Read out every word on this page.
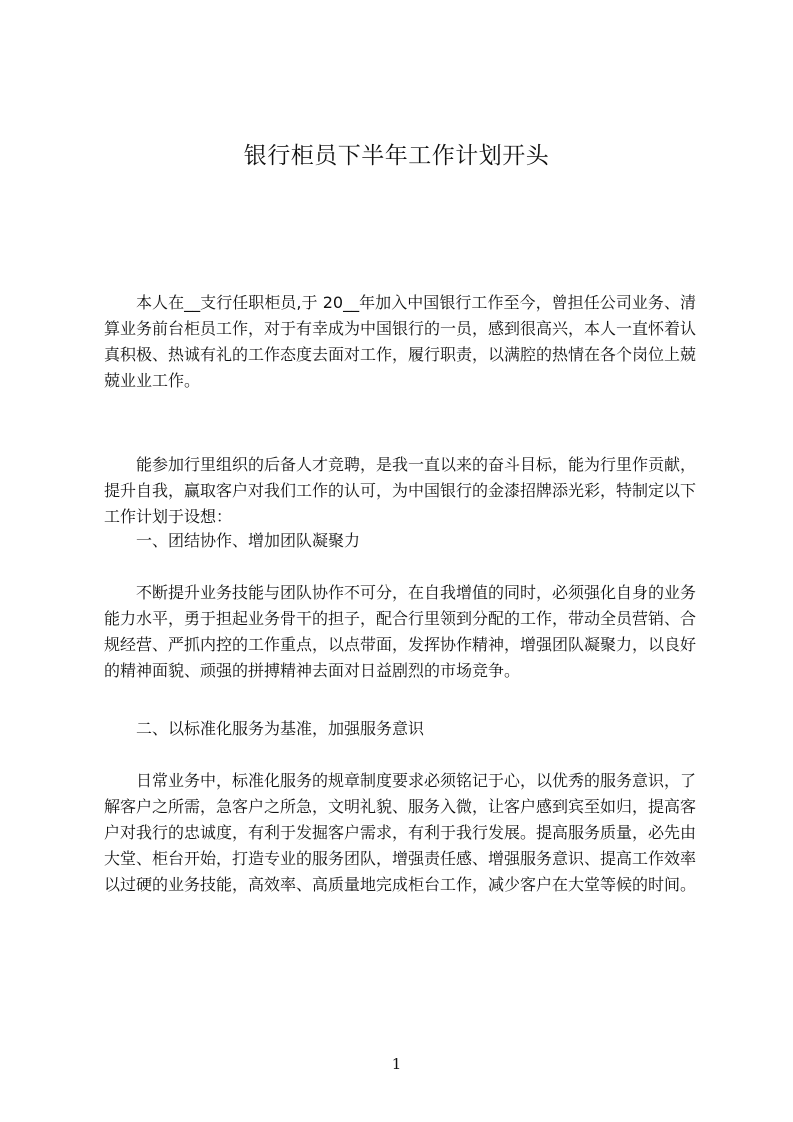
银行柜员下半年工作计划开头

本人在__支行任职柜员,于 20__年加入中国银行工作至今，曾担任公司业务、清算业务前台柜员工作，对于有幸成为中国银行的一员，感到很高兴，本人一直怀着认真积极、热诚有礼的工作态度去面对工作，履行职责，以满腔的热情在各个岗位上兢兢业业工作。

能参加行里组织的后备人才竞聘，是我一直以来的奋斗目标，能为行里作贡献，提升自我，赢取客户对我们工作的认可，为中国银行的金漆招牌添光彩，特制定以下工作计划于设想：

一、团结协作、增加团队凝聚力

不断提升业务技能与团队协作不可分，在自我增值的同时，必须强化自身的业务能力水平，勇于担起业务骨干的担子，配合行里领到分配的工作，带动全员营销、合规经营、严抓内控的工作重点，以点带面，发挥协作精神，增强团队凝聚力，以良好的精神面貌、顽强的拼搏精神去面对日益剧烈的市场竞争。

二、以标准化服务为基准，加强服务意识

日常业务中，标准化服务的规章制度要求必须铭记于心，以优秀的服务意识，了解客户之所需，急客户之所急，文明礼貌、服务入微，让客户感到宾至如归，提高客户对我行的忠诚度，有利于发掘客户需求，有利于我行发展。提高服务质量，必先由大堂、柜台开始，打造专业的服务团队，增强责任感、增强服务意识、提高工作效率以过硬的业务技能，高效率、高质量地完成柜台工作，减少客户在大堂等候的时间。

1
